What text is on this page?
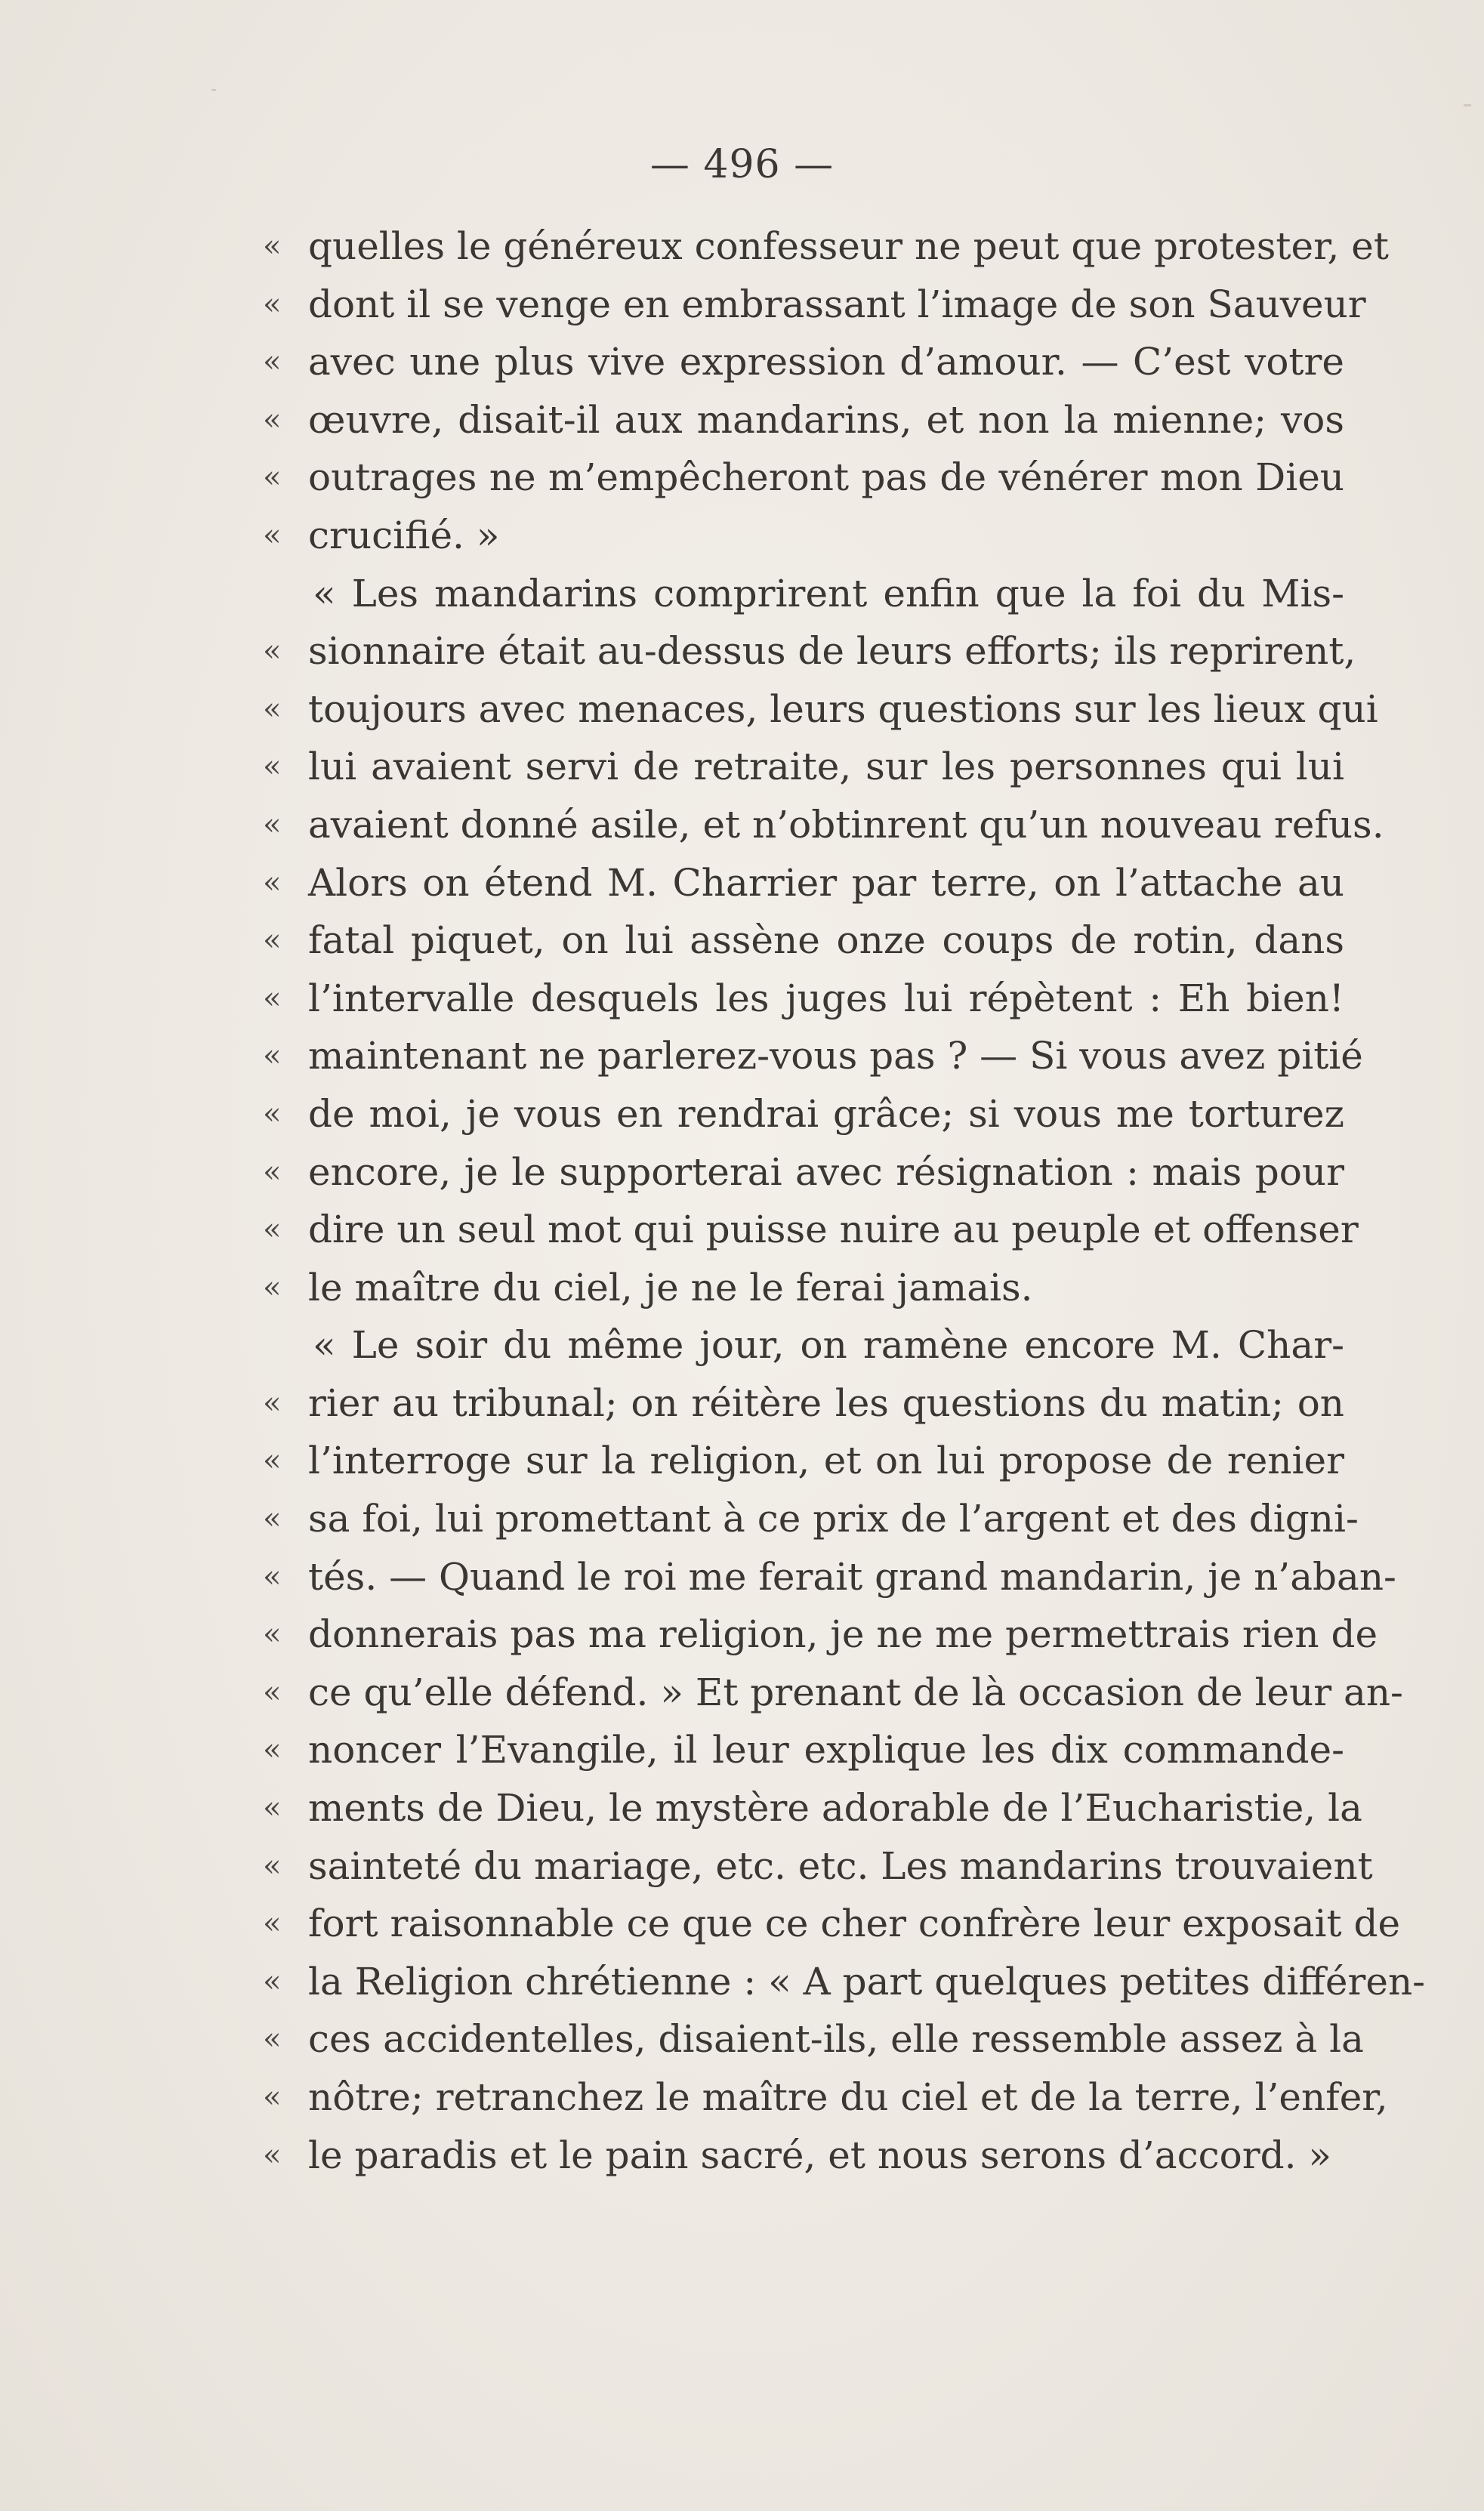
— 496 —
« quelles le généreux confesseur ne peut que protester, et
« dont il se venge en embrassant l’image de son Sauveur
« avec une plus vive expression d’amour. — C’est votre
« œuvre, disait-il aux mandarins, et non la mienne; vos
« outrages ne m’empêcheront pas de vénérer mon Dieu
« crucifié. »
« Les mandarins comprirent enfin que la foi du Mis-
« sionnaire était au-dessus de leurs efforts; ils reprirent,
« toujours avec menaces, leurs questions sur les lieux qui
« lui avaient servi de retraite, sur les personnes qui lui
« avaient donné asile, et n’obtinrent qu’un nouveau refus.
« Alors on étend M. Charrier par terre, on l’attache au
« fatal piquet, on lui assène onze coups de rotin, dans
« l’intervalle desquels les juges lui répètent : Eh bien!
« maintenant ne parlerez-vous pas ? — Si vous avez pitié
« de moi, je vous en rendrai grâce; si vous me torturez
« encore, je le supporterai avec résignation : mais pour
« dire un seul mot qui puisse nuire au peuple et offenser
« le maître du ciel, je ne le ferai jamais.
« Le soir du même jour, on ramène encore M. Char-
« rier au tribunal; on réitère les questions du matin; on
« l’interroge sur la religion, et on lui propose de renier
« sa foi, lui promettant à ce prix de l’argent et des digni-
« tés. — Quand le roi me ferait grand mandarin, je n’aban-
« donnerais pas ma religion, je ne me permettrais rien de
« ce qu’elle défend. » Et prenant de là occasion de leur an-
« noncer l’Evangile, il leur explique les dix commande-
« ments de Dieu, le mystère adorable de l’Eucharistie, la
« sainteté du mariage, etc. etc. Les mandarins trouvaient
« fort raisonnable ce que ce cher confrère leur exposait de
« la Religion chrétienne : « A part quelques petites différen-
« ces accidentelles, disaient-ils, elle ressemble assez à la
« nôtre; retranchez le maître du ciel et de la terre, l’enfer,
« le paradis et le pain sacré, et nous serons d’accord. »
